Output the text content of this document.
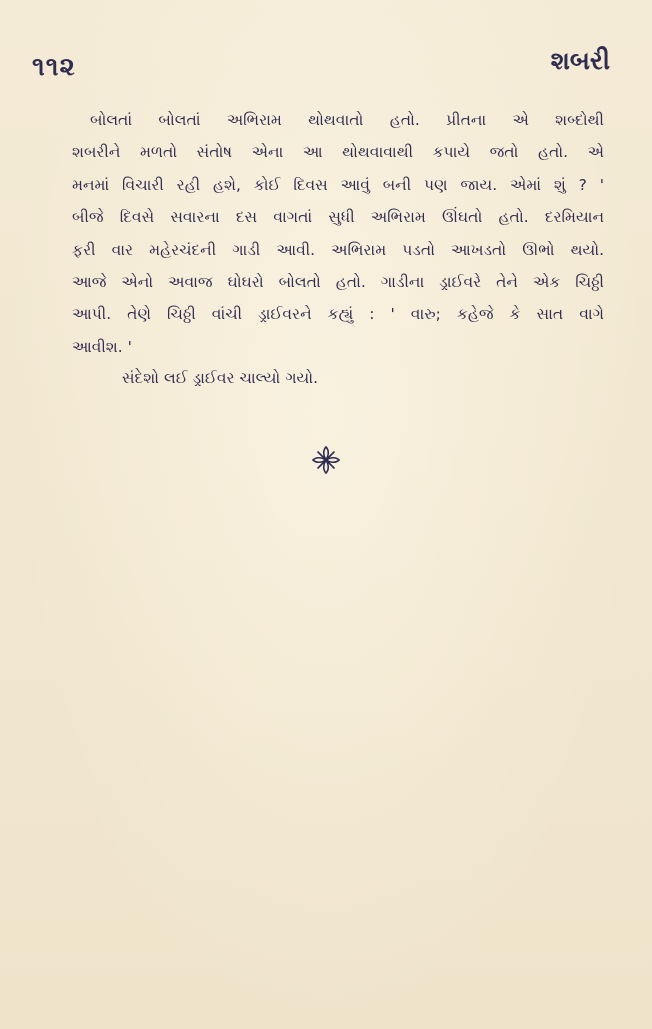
૧૧૨	શબરી
બોલતાં બોલતાં અભિરામ થોથવાતો હતો. પ્રીતના એ શબ્દોથી
શબરીને મળતો સંતોષ એના આ થોથવાવાથી કપાયે જતો હતો. એ
મનમાં વિચારી રહી હશે, કોઈ દિવસ આવું બની પણ જાય. એમાં શું ? '
બીજે દિવસે સવારના દસ વાગતાં સુધી અભિરામ ઊંઘતો હતો. દરમિયાન
ફરી વાર મહેરચંદની ગાડી આવી. અભિરામ પડતો આખડતો ઊભો થયો.
આજે એનો અવાજ ઘોઘરો બોલતો હતો. ગાડીના ડ્રાઈવરે તેને એક ચિઠ્ઠી
આપી. તેણે ચિઠ્ઠી વાંચી ડ્રાઈવરને કહ્યું : ' વારુ; કહેજે કે સાત વાગે
આવીશ. '
સંદેશો લઈ ડ્રાઈવર ચાલ્યો ગયો.
